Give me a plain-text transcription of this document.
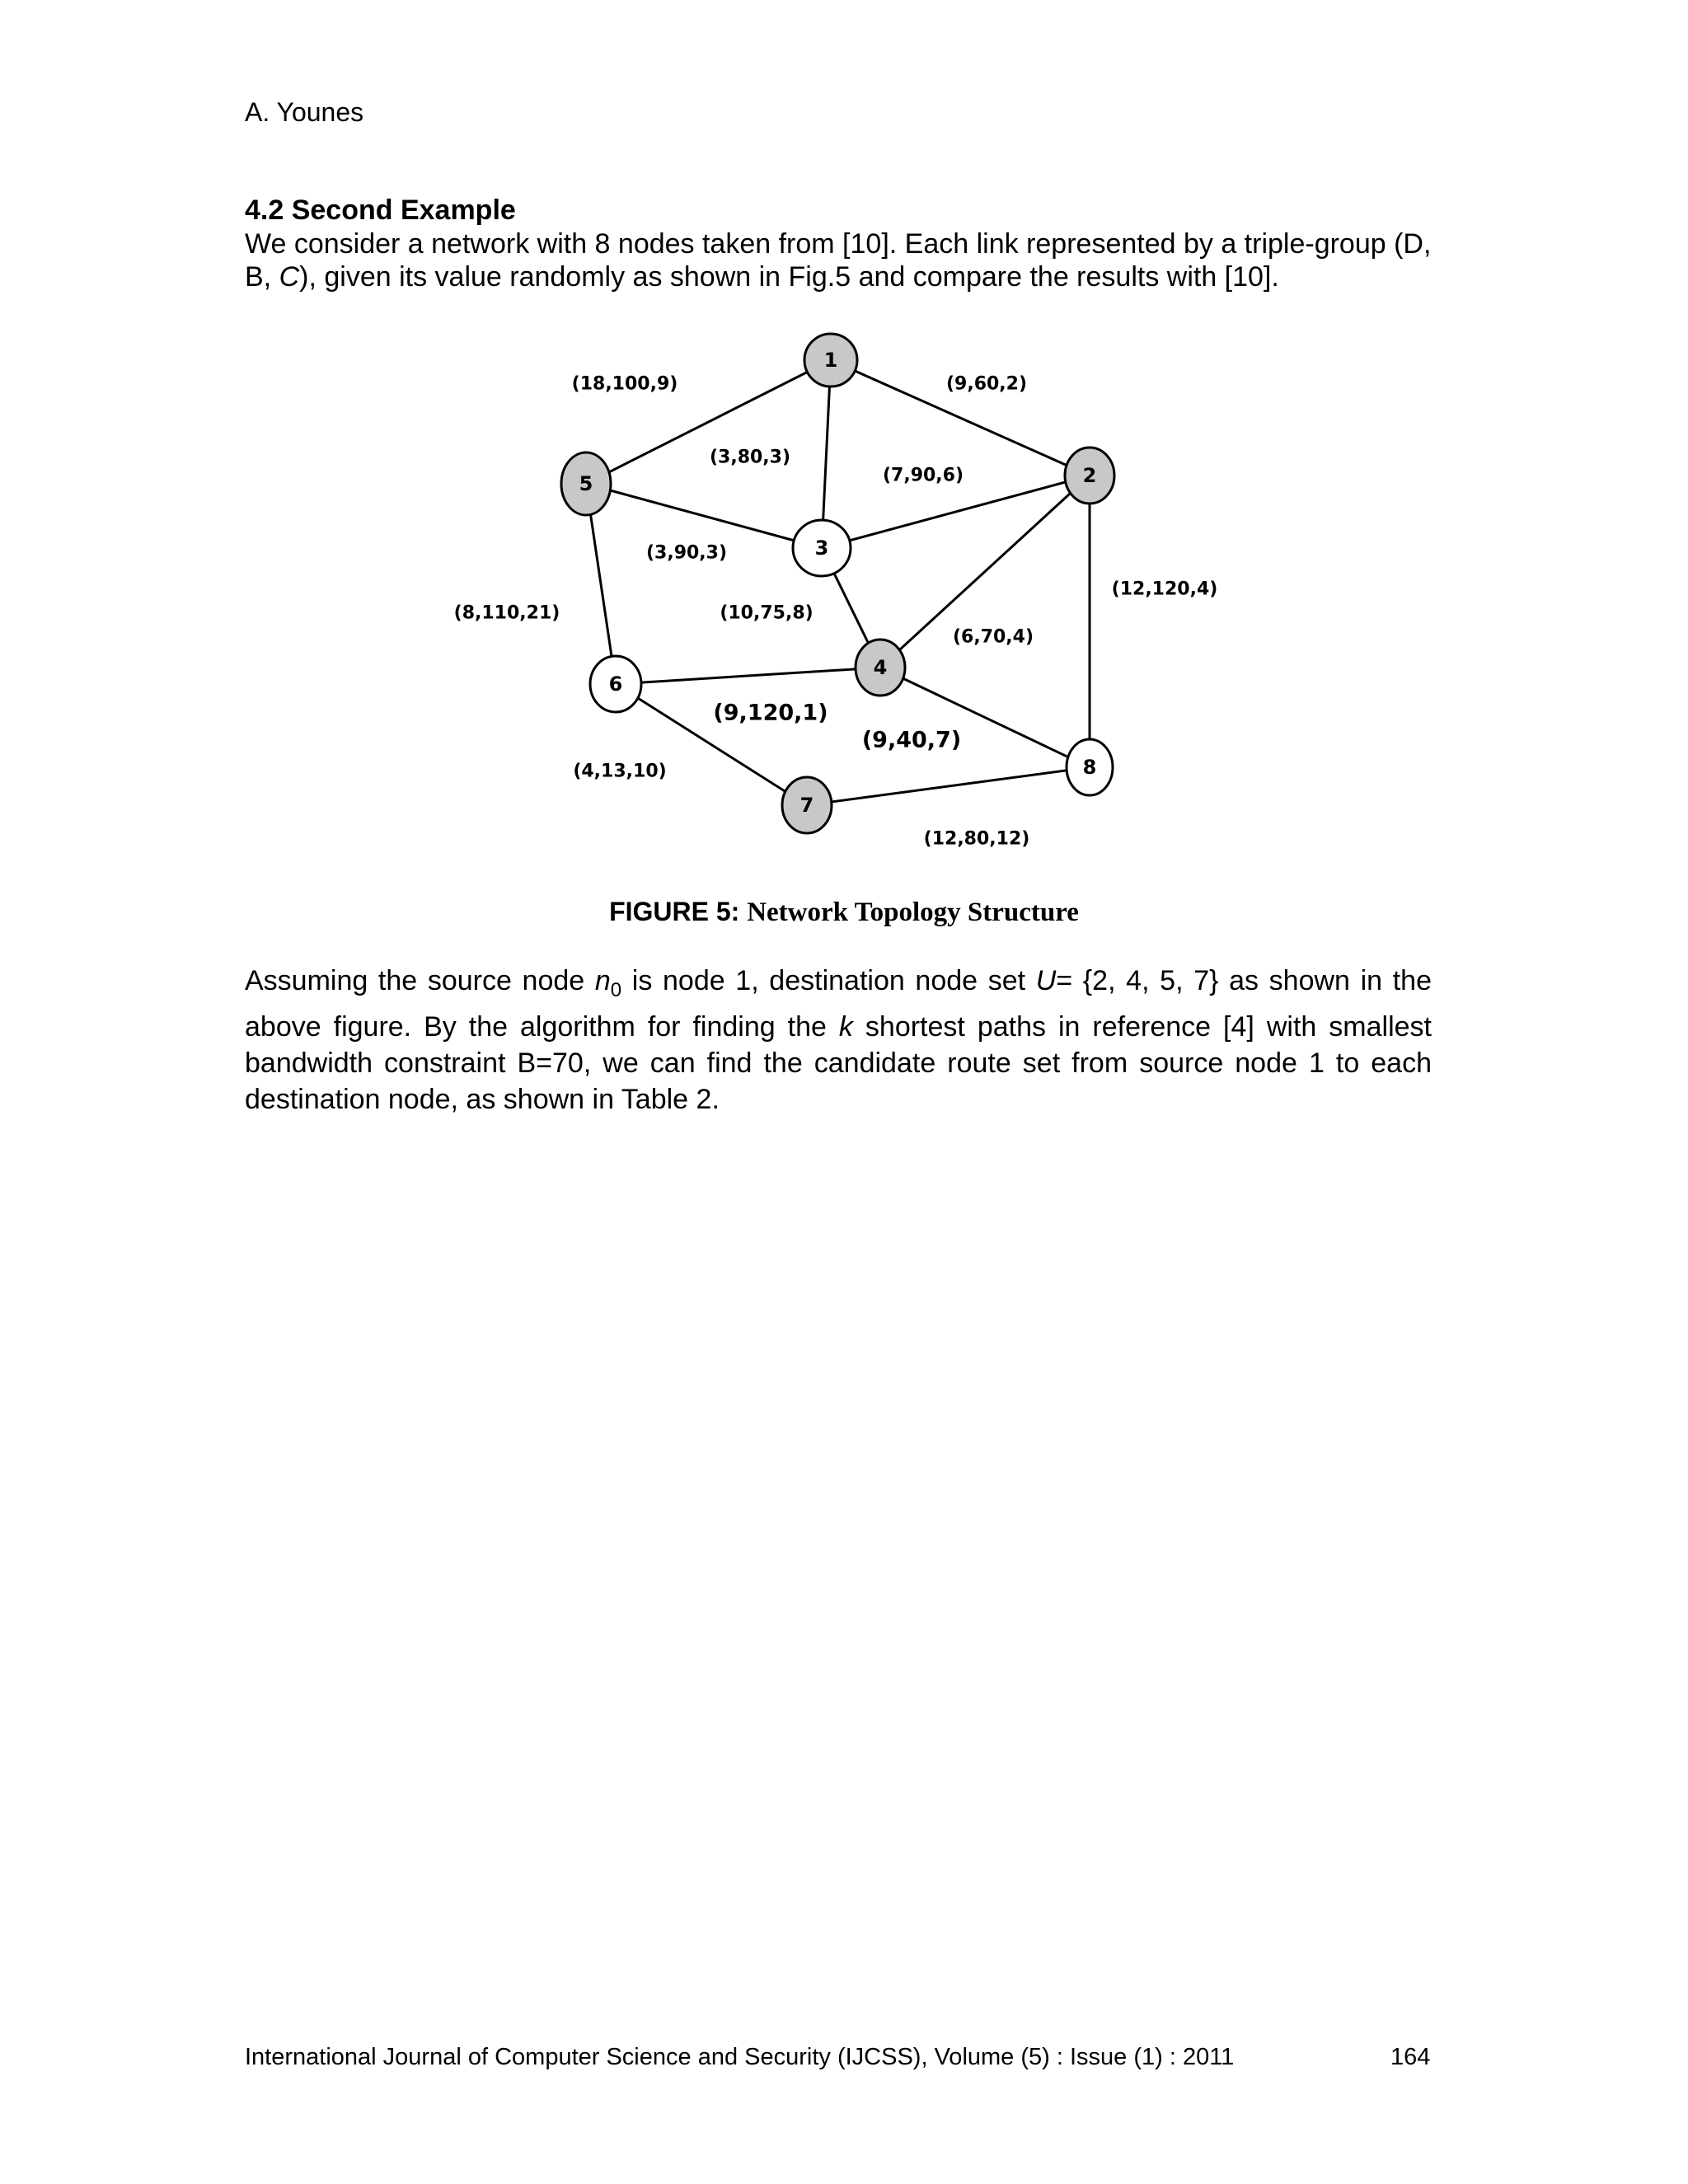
A. Younes
4.2 Second Example
We consider a network with 8 nodes taken from [10]. Each link represented by a triple-group (D,
B, C), given its value randomly as shown in Fig.5 and compare the results with [10].
(18,100,9)	(9,60,2)
(3,80,3)
(7,90,6)
(3,90,3)
(12,120,4)
(8,110,21)	(10,75,8)
(6,70,4)
(9,120,1)
(9,40,7)
(4,13,10)
(12,80,12)
1
2
3
4
5
6
7
8
FIGURE 5: Network Topology Structure
Assuming the source node $n_0$ is node 1, destination node set U= {2, 4, 5, 7} as shown in the above figure. By the algorithm for finding the k shortest paths in reference [4] with smallest bandwidth constraint B=70, we can find the candidate route set from source node 1 to each destination node, as shown in Table 2.
International Journal of Computer Science and Security (IJCSS), Volume (5) : Issue (1) : 2011	164
